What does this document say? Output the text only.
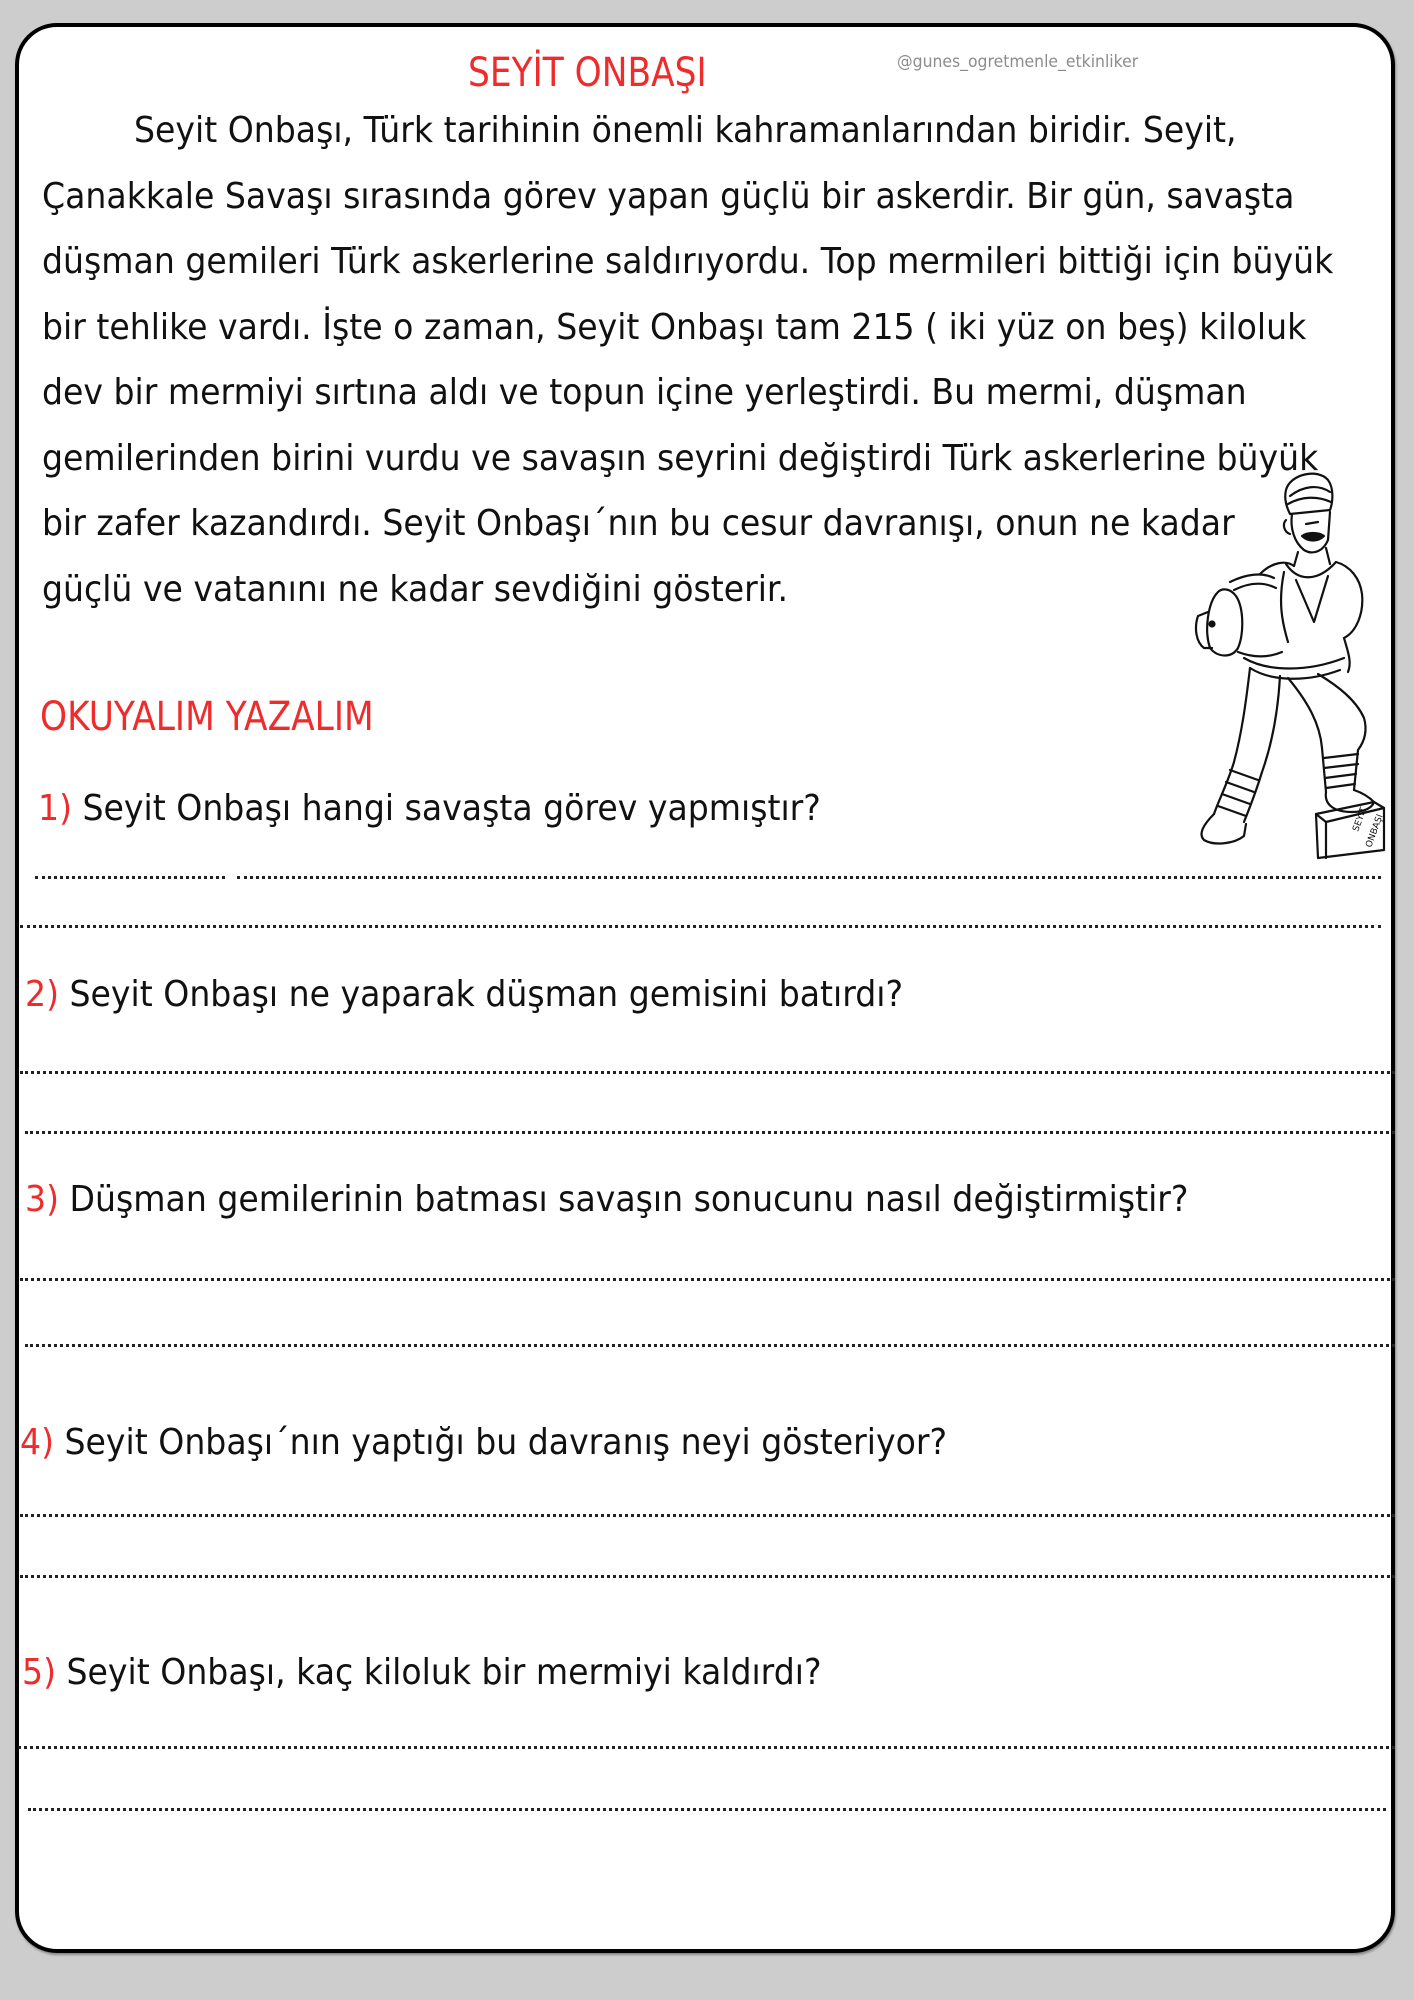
SEYİT ONBAŞI	@gunes_ogretmenle_etkinliker
Seyit Onbaşı, Türk tarihinin önemli kahramanlarından biridir. Seyit,
Çanakkale Savaşı sırasında görev yapan güçlü bir askerdir. Bir gün, savaşta
düşman gemileri Türk askerlerine saldırıyordu. Top mermileri bittiği için büyük
bir tehlike vardı. İşte o zaman, Seyit Onbaşı tam 215 ( iki yüz on beş) kiloluk
dev bir mermiyi sırtına aldı ve topun içine yerleştirdi. Bu mermi, düşman
gemilerinden birini vurdu ve savaşın seyrini değiştirdi Türk askerlerine büyük
bir zafer kazandırdı. Seyit Onbaşı´nın bu cesur davranışı, onun ne kadar
güçlü ve vatanını ne kadar sevdiğini gösterir.
SEYİT
ONBAŞI
OKUYALIM YAZALIM
1) Seyit Onbaşı hangi savaşta görev yapmıştır?
2) Seyit Onbaşı ne yaparak düşman gemisini batırdı?
3) Düşman gemilerinin batması savaşın sonucunu nasıl değiştirmiştir?
4) Seyit Onbaşı´nın yaptığı bu davranış neyi gösteriyor?
5) Seyit Onbaşı, kaç kiloluk bir mermiyi kaldırdı?
